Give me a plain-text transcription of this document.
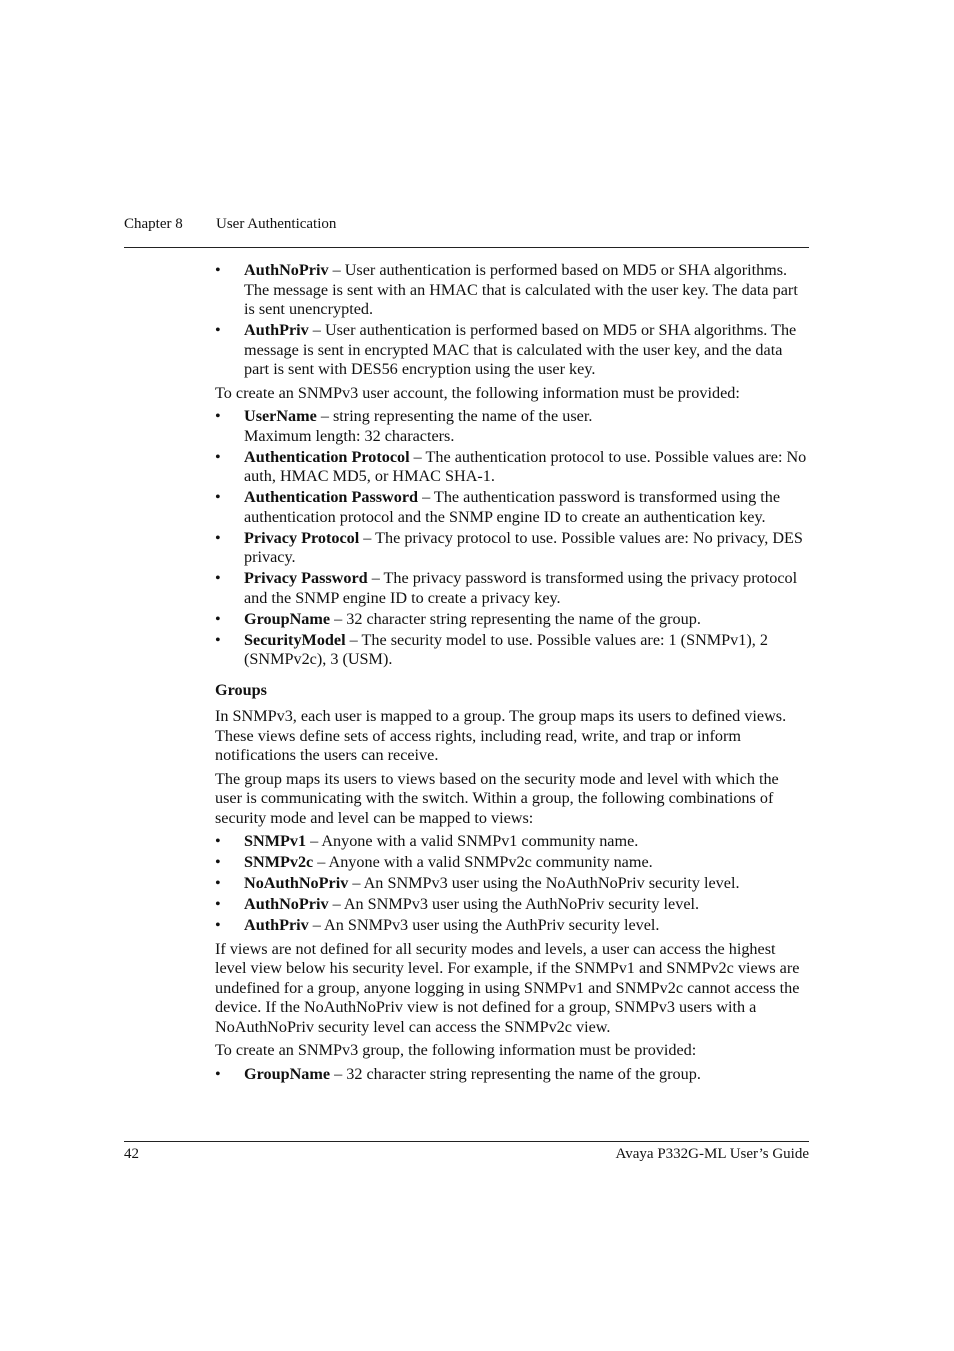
Chapter 8 User Authentication
• AuthNoPriv – User authentication is performed based on MD5 or SHA algorithms. The message is sent with an HMAC that is calculated with the user key. The data part is sent unencrypted.
• AuthPriv – User authentication is performed based on MD5 or SHA algorithms. The message is sent in encrypted MAC that is calculated with the user key, and the data part is sent with DES56 encryption using the user key.

To create an SNMPv3 user account, the following information must be provided:

• UserName – string representing the name of the user.
Maximum length: 32 characters.
• Authentication Protocol – The authentication protocol to use. Possible values are: No auth, HMAC MD5, or HMAC SHA-1.
• Authentication Password – The authentication password is transformed using the authentication protocol and the SNMP engine ID to create an authentication key.
• Privacy Protocol – The privacy protocol to use. Possible values are: No privacy, DES privacy.
• Privacy Password – The privacy password is transformed using the privacy protocol and the SNMP engine ID to create a privacy key.
• GroupName – 32 character string representing the name of the group.
• SecurityModel – The security model to use. Possible values are: 1 (SNMPv1), 2 (SNMPv2c), 3 (USM).
Groups

In SNMPv3, each user is mapped to a group. The group maps its users to defined views. These views define sets of access rights, including read, write, and trap or inform notifications the users can receive.

The group maps its users to views based on the security mode and level with which the user is communicating with the switch. Within a group, the following combinations of security mode and level can be mapped to views:

• SNMPv1 – Anyone with a valid SNMPv1 community name.
• SNMPv2c – Anyone with a valid SNMPv2c community name.
• NoAuthNoPriv – An SNMPv3 user using the NoAuthNoPriv security level.
• AuthNoPriv – An SNMPv3 user using the AuthNoPriv security level.
• AuthPriv – An SNMPv3 user using the AuthPriv security level.

If views are not defined for all security modes and levels, a user can access the highest level view below his security level. For example, if the SNMPv1 and SNMPv2c views are undefined for a group, anyone logging in using SNMPv1 and SNMPv2c cannot access the device. If the NoAuthNoPriv view is not defined for a group, SNMPv3 users with a NoAuthNoPriv security level can access the SNMPv2c view.

To create an SNMPv3 group, the following information must be provided:

• GroupName – 32 character string representing the name of the group.
42	Avaya P332G-ML User’s Guide
